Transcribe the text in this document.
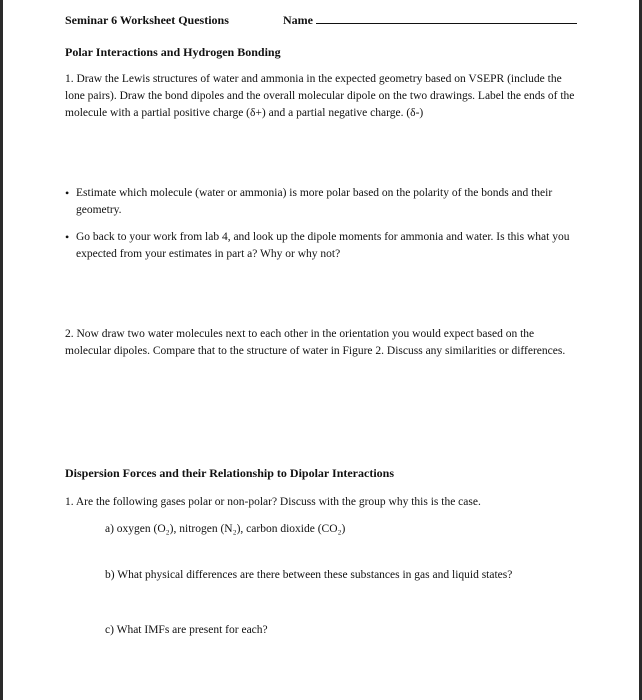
Seminar 6 Worksheet Questions	Name
Polar Interactions and Hydrogen Bonding
1. Draw the Lewis structures of water and ammonia in the expected geometry based on VSEPR (include the lone pairs). Draw the bond dipoles and the overall molecular dipole on the two drawings. Label the ends of the molecule with a partial positive charge (δ+) and a partial negative charge. (δ-)
• Estimate which molecule (water or ammonia) is more polar based on the polarity of the bonds and their geometry.
• Go back to your work from lab 4, and look up the dipole moments for ammonia and water. Is this what you expected from your estimates in part a? Why or why not?
2. Now draw two water molecules next to each other in the orientation you would expect based on the molecular dipoles. Compare that to the structure of water in Figure 2. Discuss any similarities or differences.
Dispersion Forces and their Relationship to Dipolar Interactions
1. Are the following gases polar or non-polar? Discuss with the group why this is the case.
a) oxygen (O₂), nitrogen (N₂), carbon dioxide (CO₂)
b) What physical differences are there between these substances in gas and liquid states?
c) What IMFs are present for each?
